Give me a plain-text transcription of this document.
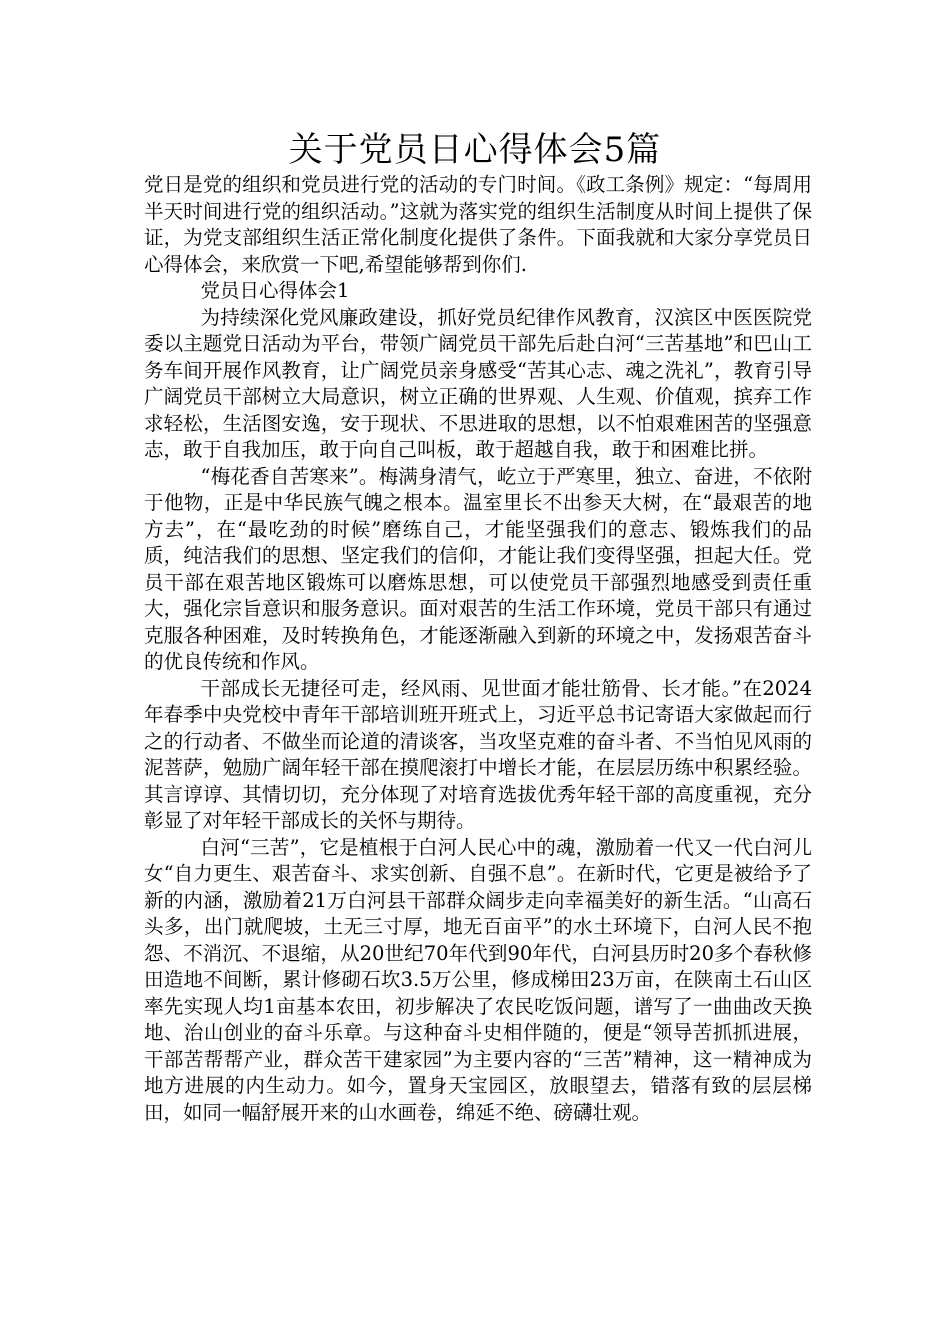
关于党员日心得体会5篇

党日是党的组织和党员进行党的活动的专门时间。《政工条例》规定：“每周用半天时间进行党的组织活动。”这就为落实党的组织生活制度从时间上提供了保证，为党支部组织生活正常化制度化提供了条件。下面我就和大家分享党员日心得体会，来欣赏一下吧,希望能够帮到你们.

党员日心得体会1

为持续深化党风廉政建设，抓好党员纪律作风教育，汉滨区中医医院党委以主题党日活动为平台，带领广阔党员干部先后赴白河“三苦基地”和巴山工务车间开展作风教育，让广阔党员亲身感受“苦其心志、魂之洗礼”，教育引导广阔党员干部树立大局意识，树立正确的世界观、人生观、价值观，摈弃工作求轻松，生活图安逸，安于现状、不思进取的思想，以不怕艰难困苦的坚强意志，敢于自我加压，敢于向自己叫板，敢于超越自我，敢于和困难比拼。

“梅花香自苦寒来”。梅满身清气，屹立于严寒里，独立、奋进，不依附于他物，正是中华民族气魄之根本。温室里长不出参天大树，在“最艰苦的地方去”，在“最吃劲的时候”磨练自己，才能坚强我们的意志、锻炼我们的品质，纯洁我们的思想、坚定我们的信仰，才能让我们变得坚强，担起大任。党员干部在艰苦地区锻炼可以磨炼思想，可以使党员干部强烈地感受到责任重大，强化宗旨意识和服务意识。面对艰苦的生活工作环境，党员干部只有通过克服各种困难，及时转换角色，才能逐渐融入到新的环境之中，发扬艰苦奋斗的优良传统和作风。

干部成长无捷径可走，经风雨、见世面才能壮筋骨、长才能。”在2024年春季中央党校中青年干部培训班开班式上，习近平总书记寄语大家做起而行之的行动者、不做坐而论道的清谈客，当攻坚克难的奋斗者、不当怕见风雨的泥菩萨，勉励广阔年轻干部在摸爬滚打中增长才能，在层层历练中积累经验。其言谆谆、其情切切，充分体现了对培育选拔优秀年轻干部的高度重视，充分彰显了对年轻干部成长的关怀与期待。

白河“三苦”，它是植根于白河人民心中的魂，激励着一代又一代白河儿女“自力更生、艰苦奋斗、求实创新、自强不息”。在新时代，它更是被给予了新的内涵，激励着21万白河县干部群众阔步走向幸福美好的新生活。“山高石头多，出门就爬坡，土无三寸厚，地无百亩平”的水土环境下，白河人民不抱怨、不消沉、不退缩，从20世纪70年代到90年代，白河县历时20多个春秋修田造地不间断，累计修砌石坎3.5万公里，修成梯田23万亩，在陕南土石山区率先实现人均1亩基本农田，初步解决了农民吃饭问题，谱写了一曲曲改天换地、治山创业的奋斗乐章。与这种奋斗史相伴随的，便是“领导苦抓抓进展，干部苦帮帮产业，群众苦干建家园”为主要内容的“三苦”精神，这一精神成为地方进展的内生动力。如今，置身天宝园区，放眼望去，错落有致的层层梯田，如同一幅舒展开来的山水画卷，绵延不绝、磅礴壮观。
